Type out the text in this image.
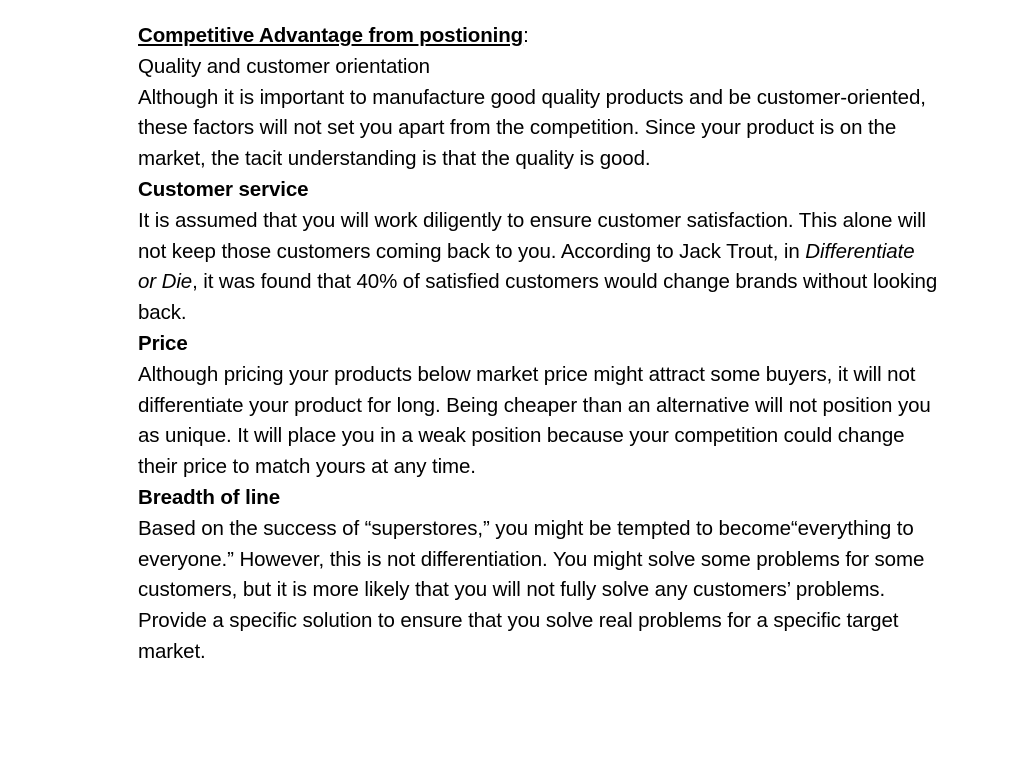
Competitive Advantage from postioning:

Quality and customer orientation

Although it is important to manufacture good quality products and be customer-oriented, these factors will not set you apart from the competition. Since your product is on the market, the tacit understanding is that the quality is good.

Customer service

It is assumed that you will work diligently to ensure customer satisfaction. This alone will not keep those customers coming back to you. According to Jack Trout, in Differentiate or Die, it was found that 40% of satisfied customers would change brands without looking back.

Price

Although pricing your products below market price might attract some buyers, it will not differentiate your product for long. Being cheaper than an alternative will not position you as unique. It will place you in a weak position because your competition could change their price to match yours at any time.

Breadth of line

Based on the success of “superstores,” you might be tempted to become“everything to everyone.” However, this is not differentiation. You might solve some problems for some customers, but it is more likely that you will not fully solve any customers’ problems.

Provide a specific solution to ensure that you solve real problems for a specific target market.
